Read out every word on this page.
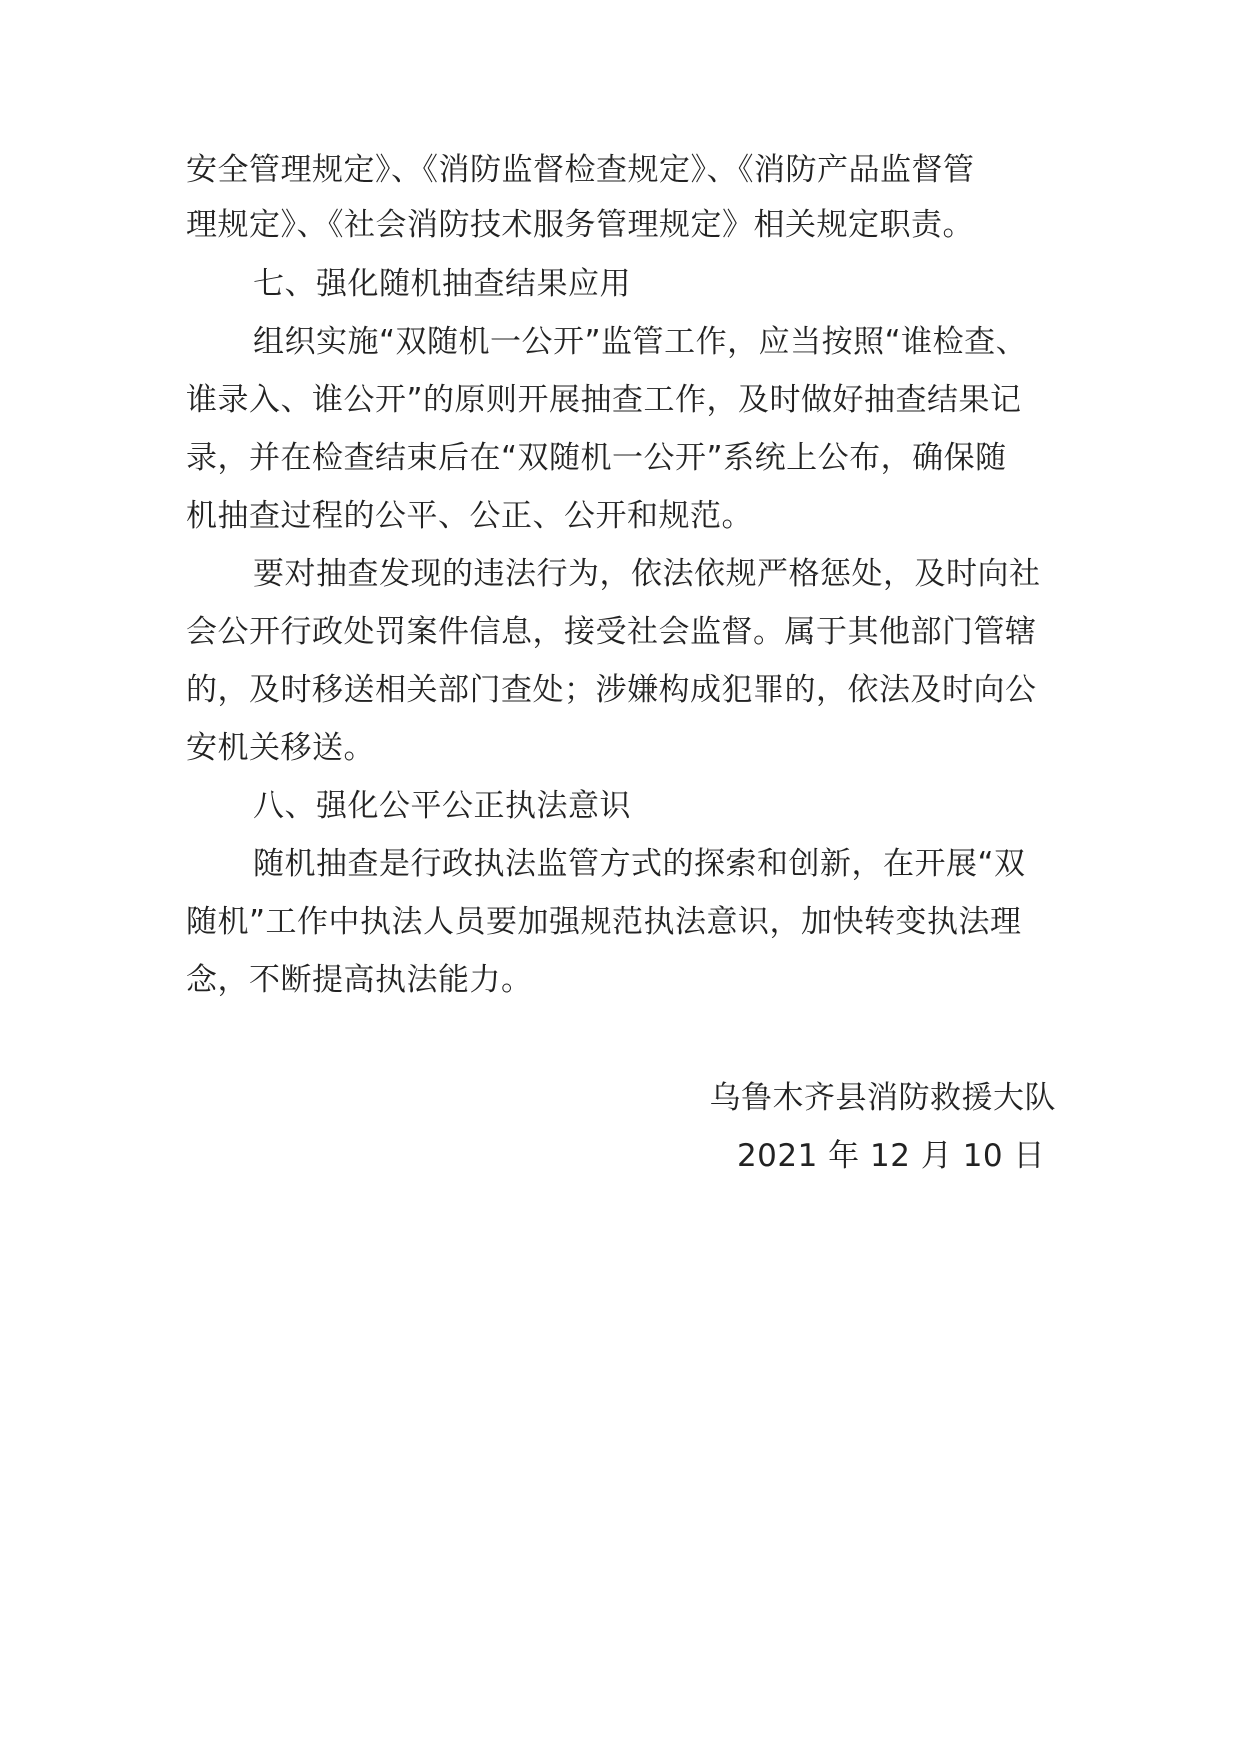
安全管理规定》、《消防监督检查规定》、《消防产品监督管
理规定》、《社会消防技术服务管理规定》相关规定职责。
七、强化随机抽查结果应用
组织实施“双随机一公开”监管工作，应当按照“谁检查、
谁录入、谁公开”的原则开展抽查工作，及时做好抽查结果记
录，并在检查结束后在“双随机一公开”系统上公布，确保随
机抽查过程的公平、公正、公开和规范。
要对抽查发现的违法行为，依法依规严格惩处，及时向社
会公开行政处罚案件信息，接受社会监督。属于其他部门管辖
的，及时移送相关部门查处；涉嫌构成犯罪的，依法及时向公
安机关移送。
八、强化公平公正执法意识
随机抽查是行政执法监管方式的探索和创新，在开展“双
随机”工作中执法人员要加强规范执法意识，加快转变执法理
念，不断提高执法能力。
乌鲁木齐县消防救援大队
2021 年 12 月 10 日
